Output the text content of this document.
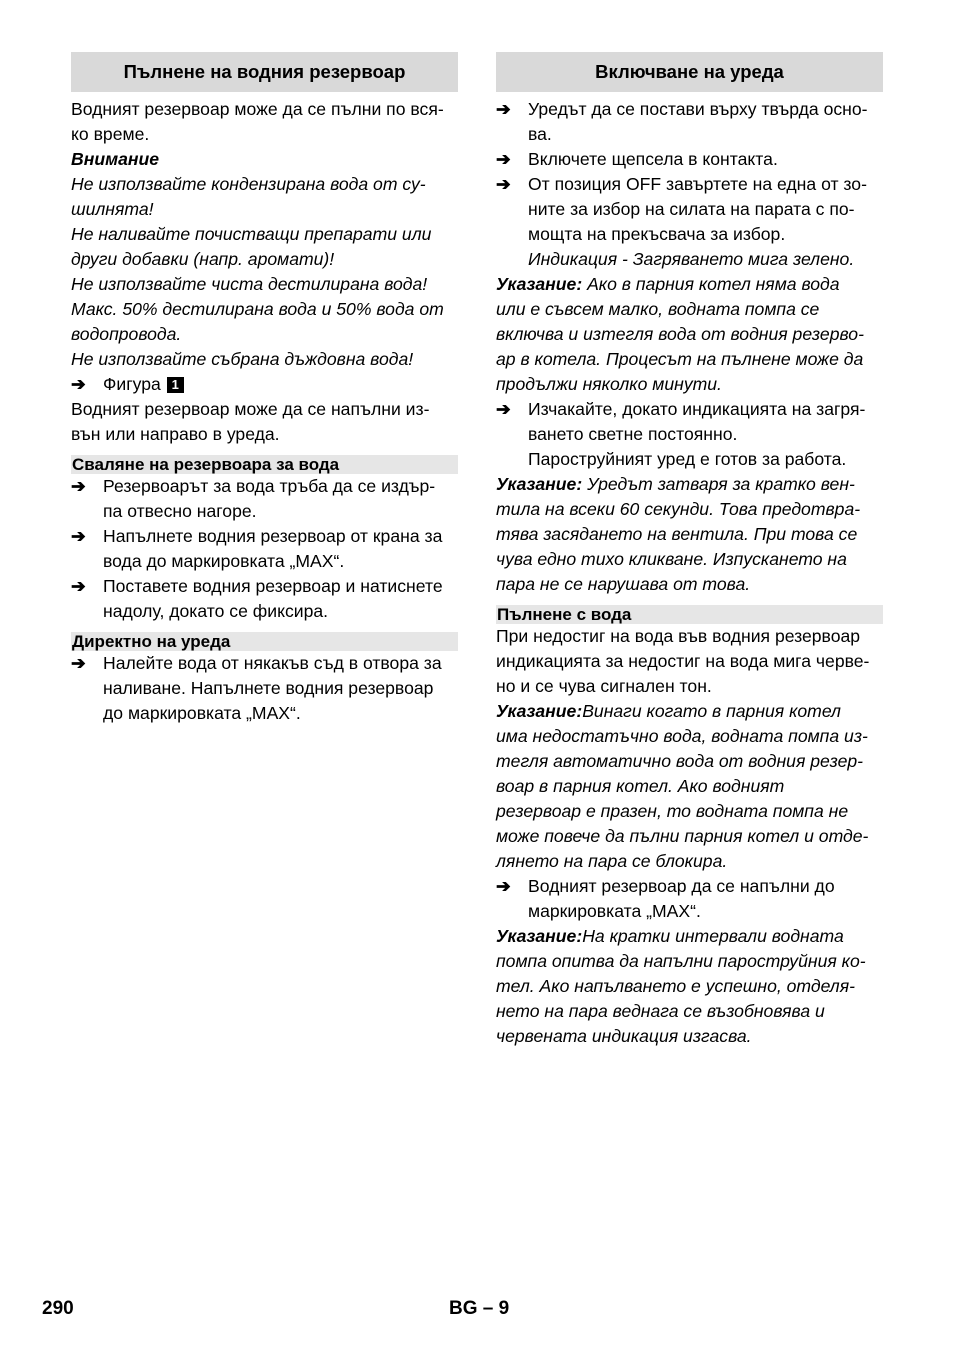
Пълнене на водния резервоар
Водният резервоар може да се пълни по вся-
ко време.
Внимание
Не използвайте кондензирана вода от су-
шилнята!
Не наливайте почистващи препарати или
други добавки (напр. аромати)!
Не използвайте чиста дестилирана вода!
Макс. 50% дестилирана вода и 50% вода от
водопровода.
Не използвайте събрана дъждовна вода!
➔ Фигура 1
Водният резервоар може да се напълни из-
вън или направо в уреда.
Сваляне на резервоара за вода
➔ Резервоарът за вода тръба да се издър-
па отвесно нагоре.
➔ Напълнете водния резервоар от крана за
вода до маркировката „MAX“.
➔ Поставете водния резервоар и натиснете
надолу, докато се фиксира.
Директно на уреда
➔ Налейте вода от някакъв съд в отвора за
наливане. Напълнете водния резервоар
до маркировката „MAX“.
Включване на уреда
➔ Уредът да се постави върху твърда осно-
ва.
➔ Включете щепсела в контакта.
➔ От позиция OFF завъртете на една от зо-
ните за избор на силата на парата с по-
мощта на прекъсвача за избор.
Индикация - Загряването мига зелено.
Указание: Ако в парния котел няма вода
или е съвсем малко, водната помпа се
включва и изтегля вода от водния резерво-
ар в котела. Процесът на пълнене може да
продължи няколко минути.
➔ Изчакайте, докато индикацията на загря-
ването светне постоянно.
Пароструйният уред е готов за работа.
Указание: Уредът затваря за кратко вен-
тила на всеки 60 секунди. Това предотвра-
тява засядането на вентила. При това се
чува едно тихо кликване. Изпускането на
пара не се нарушава от това.
Пълнене с вода
При недостиг на вода във водния резервоар
индикацията за недостиг на вода мига черве-
но и се чува сигнален тон.
Указание:Винаги когато в парния котел
има недостатъчно вода, водната помпа из-
тегля автоматично вода от водния резер-
воар в парния котел. Ако водният
резервоар е празен, то водната помпа не
може повече да пълни парния котел и отде-
лянето на пара се блокира.
➔ Водният резервоар да се напълни до
маркировката „MAX“.
Указание:На кратки интервали водната
помпа опитва да напълни пароструйния ко-
тел. Ако напълването е успешно, отделя-
нето на пара веднага се възобновява и
червената индикация изгасва.
290	BG – 9
